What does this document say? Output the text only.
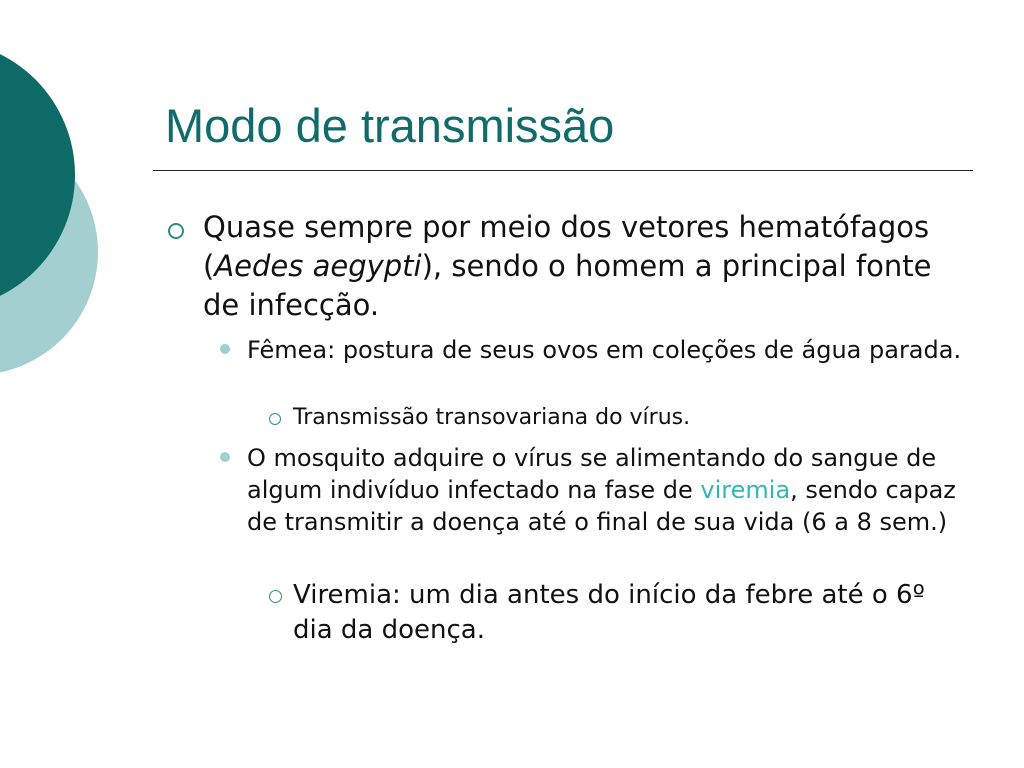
Modo de transmissão
Quase sempre por meio dos vetores hematófagos (Aedes aegypti), sendo o homem a principal fonte de infecção.
Fêmea: postura de seus ovos em coleções de água parada.
Transmissão transovariana do vírus.
O mosquito adquire o vírus se alimentando do sangue de algum indivíduo infectado na fase de viremia, sendo capaz de transmitir a doença até o final de sua vida (6 a 8 sem.)
Viremia: um dia antes do início da febre até o 6º dia da doença.
